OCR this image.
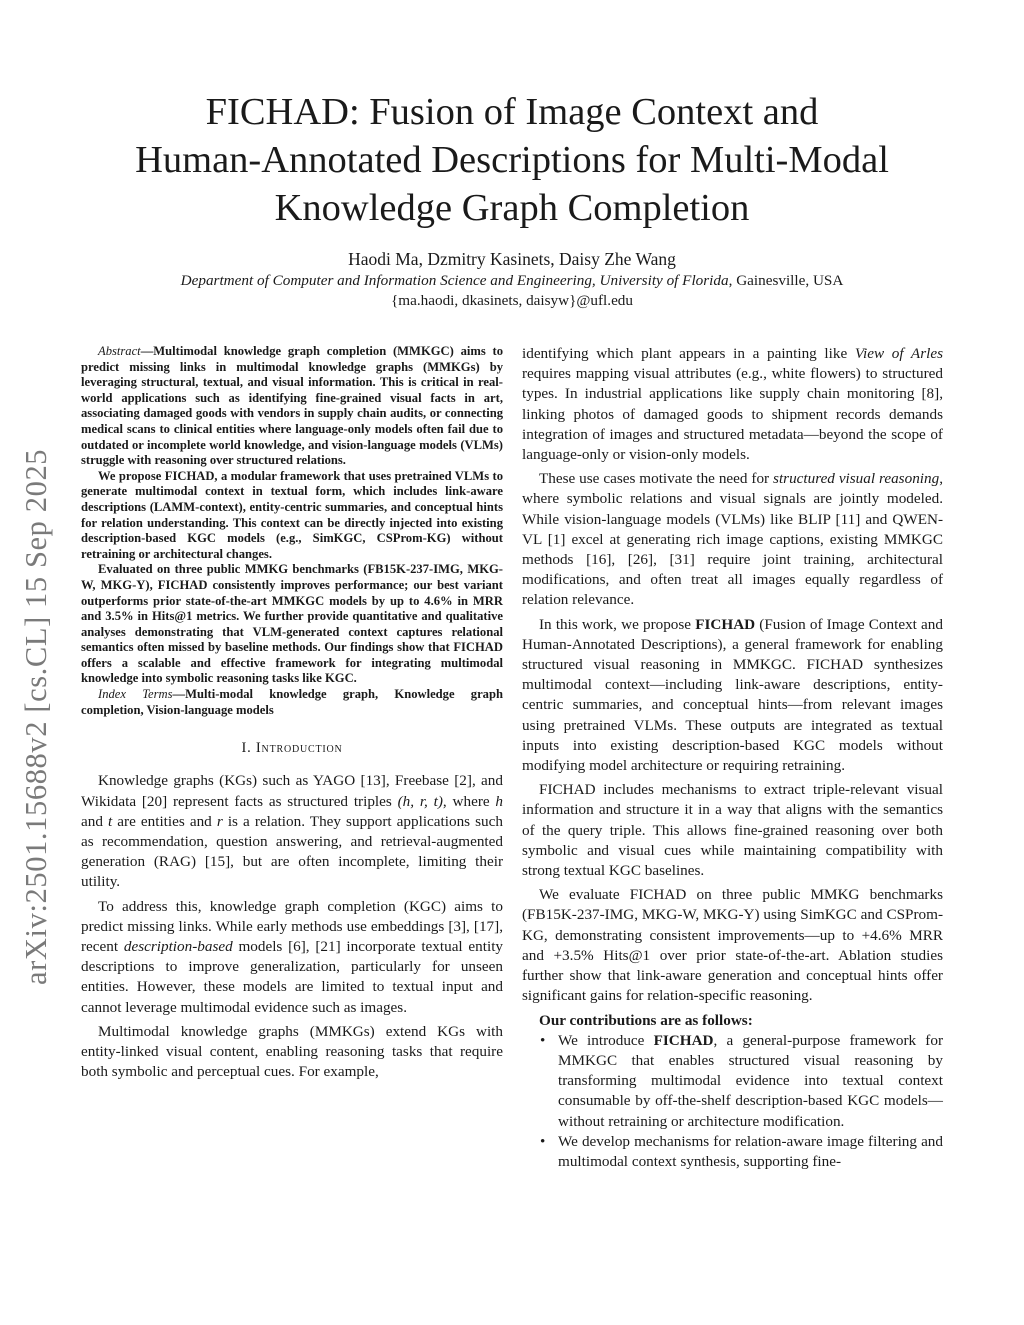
arXiv:2501.15688v2 [cs.CL] 15 Sep 2025
FICHAD: Fusion of Image Context and
Human-Annotated Descriptions for Multi-Modal
Knowledge Graph Completion
Haodi Ma, Dzmitry Kasinets, Daisy Zhe Wang
Department of Computer and Information Science and Engineering, University of Florida, Gainesville, USA
{ma.haodi, dkasinets, daisyw}@ufl.edu

Abstract—Multimodal knowledge graph completion (MMKGC) aims to predict missing links in multimodal knowledge graphs (MMKGs) by leveraging structural, textual, and visual information. This is critical in real-world applications such as identifying fine-grained visual facts in art, associating damaged goods with vendors in supply chain audits, or connecting medical scans to clinical entities where language-only models often fail due to outdated or incomplete world knowledge, and vision-language models (VLMs) struggle with reasoning over structured relations.

We propose FICHAD, a modular framework that uses pretrained VLMs to generate multimodal context in textual form, which includes link-aware descriptions (LAMM-context), entity-centric summaries, and conceptual hints for relation understanding. This context can be directly injected into existing description-based KGC models (e.g., SimKGC, CSProm-KG) without retraining or architectural changes.

Evaluated on three public MMKG benchmarks (FB15K-237-IMG, MKG-W, MKG-Y), FICHAD consistently improves performance; our best variant outperforms prior state-of-the-art MMKGC models by up to 4.6% in MRR and 3.5% in Hits@1 metrics. We further provide quantitative and qualitative analyses demonstrating that VLM-generated context captures relational semantics often missed by baseline methods. Our findings show that FICHAD offers a scalable and effective framework for integrating multimodal knowledge into symbolic reasoning tasks like KGC.

Index Terms—Multi-modal knowledge graph, Knowledge graph completion, Vision-language models

I. Introduction

Knowledge graphs (KGs) such as YAGO [13], Freebase [2], and Wikidata [20] represent facts as structured triples (h, r, t), where h and t are entities and r is a relation. They support applications such as recommendation, question answering, and retrieval-augmented generation (RAG) [15], but are often incomplete, limiting their utility.

To address this, knowledge graph completion (KGC) aims to predict missing links. While early methods use embeddings [3], [17], recent description-based models [6], [21] incorporate textual entity descriptions to improve generalization, particularly for unseen entities. However, these models are limited to textual input and cannot leverage multimodal evidence such as images.

Multimodal knowledge graphs (MMKGs) extend KGs with entity-linked visual content, enabling reasoning tasks that require both symbolic and perceptual cues. For example,

identifying which plant appears in a painting like View of Arles requires mapping visual attributes (e.g., white flowers) to structured types. In industrial applications like supply chain monitoring [8], linking photos of damaged goods to shipment records demands integration of images and structured metadata—beyond the scope of language-only or vision-only models.

These use cases motivate the need for structured visual reasoning, where symbolic relations and visual signals are jointly modeled. While vision-language models (VLMs) like BLIP [11] and QWEN-VL [1] excel at generating rich image captions, existing MMKGC methods [16], [26], [31] require joint training, architectural modifications, and often treat all images equally regardless of relation relevance.

In this work, we propose FICHAD (Fusion of Image Context and Human-Annotated Descriptions), a general framework for enabling structured visual reasoning in MMKGC. FICHAD synthesizes multimodal context—including link-aware descriptions, entity-centric summaries, and conceptual hints—from relevant images using pretrained VLMs. These outputs are integrated as textual inputs into existing description-based KGC models without modifying model architecture or requiring retraining.

FICHAD includes mechanisms to extract triple-relevant visual information and structure it in a way that aligns with the semantics of the query triple. This allows fine-grained reasoning over both symbolic and visual cues while maintaining compatibility with strong textual KGC baselines.

We evaluate FICHAD on three public MMKG benchmarks (FB15K-237-IMG, MKG-W, MKG-Y) using SimKGC and CSProm-KG, demonstrating consistent improvements—up to +4.6% MRR and +3.5% Hits@1 over prior state-of-the-art. Ablation studies further show that link-aware generation and conceptual hints offer significant gains for relation-specific reasoning.

Our contributions are as follows:

• We introduce FICHAD, a general-purpose framework for MMKGC that enables structured visual reasoning by transforming multimodal evidence into textual context consumable by off-the-shelf description-based KGC models—without retraining or architecture modification.
• We develop mechanisms for relation-aware image filtering and multimodal context synthesis, supporting fine-
